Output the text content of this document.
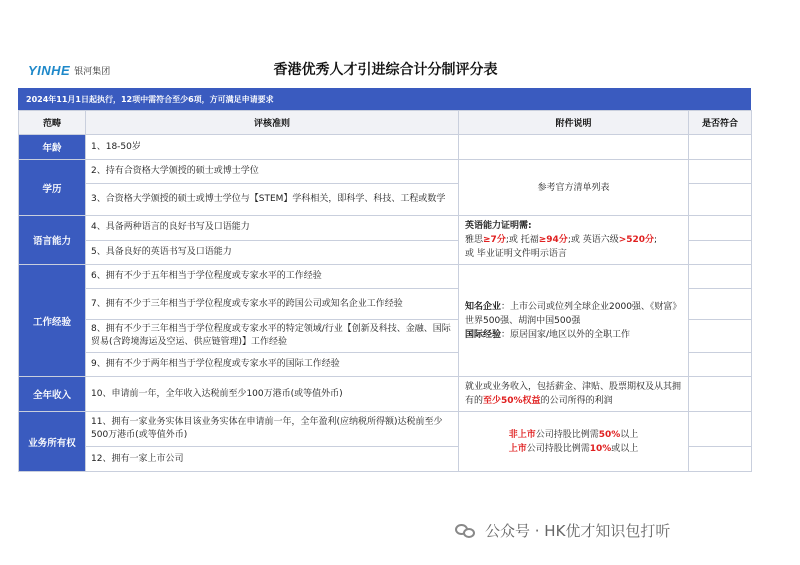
YINHE 银河集团	香港优秀人才引进综合计分制评分表
2024年11月1日起执行，12项中需符合至少6项，方可满足申请要求
范畴	评核准则	附件说明	是否符合
年龄	1、18-50岁		
学历	2、持有合资格大学颁授的硕士或博士学位	参考官方清单列表	
	3、合资格大学颁授的硕士或博士学位与【STEM】学科相关，即科学、科技、工程或数学		
语言能力	4、具备两种语言的良好书写及口语能力	英语能力证明需:
雅思≥7分;或 托福≥94分;或 英语六级>520分;
或 毕业证明文件明示语言	

	5、具备良好的英语书写及口语能力		
工作经验	6、拥有不少于五年相当于学位程度或专家水平的工作经验	知名企业：上市公司或位列全球企业2000强、《财富》世界500强、胡润中国500强
国际经验：原居国家/地区以外的全职工作	

	7、拥有不少于三年相当于学位程度或专家水平的跨国公司或知名企业工作经验		
	8、拥有不少于三年相当于学位程度或专家水平的特定领域/行业【创新及科技、金融、国际贸易(含跨境海运及空运、供应链管理)】工作经验		
	9、拥有不少于两年相当于学位程度或专家水平的国际工作经验		
全年收入	10、申请前一年，全年收入达税前至少100万港币(或等值外币)	就业或业务收入，包括薪金、津贴、股票期权及从其拥有的至少50%权益的公司所得的利润	
业务所有权	11、拥有一家业务实体目该业务实体在申请前一年，全年盈利(应纳税所得额)达税前至少500万港币(或等值外币)	非上市公司持股比例需50%以上
上市公司持股比例需10%或以上	

	12、拥有一家上市公司		
公众号 · HK优才知识包打听
